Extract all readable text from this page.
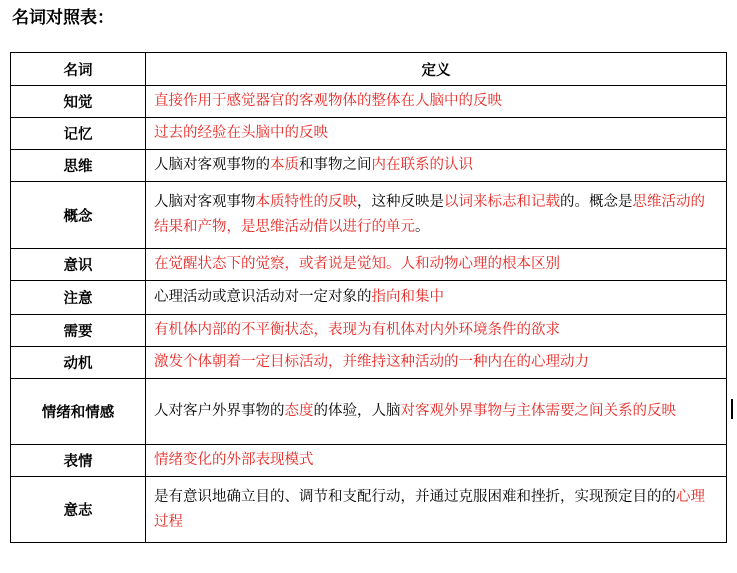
名词对照表：
名词	定义
知觉	直接作用于感觉器官的客观物体的整体在人脑中的反映
记忆	过去的经验在头脑中的反映
思维	人脑对客观事物的本质和事物之间内在联系的认识
概念	人脑对客观事物本质特性的反映，这种反映是以词来标志和记载的。概念是思维活动的结果和产物，是思维活动借以进行的单元。
意识	在觉醒状态下的觉察，或者说是觉知。人和动物心理的根本区别
注意	心理活动或意识活动对一定对象的指向和集中
需要	有机体内部的不平衡状态，表现为有机体对内外环境条件的欲求
动机	激发个体朝着一定目标活动，并维持这种活动的一种内在的心理动力
情绪和情感	人对客户外界事物的态度的体验，人脑对客观外界事物与主体需要之间关系的反映
表情	情绪变化的外部表现模式
意志	是有意识地确立目的、调节和支配行动，并通过克服困难和挫折，实现预定目的的心理过程
